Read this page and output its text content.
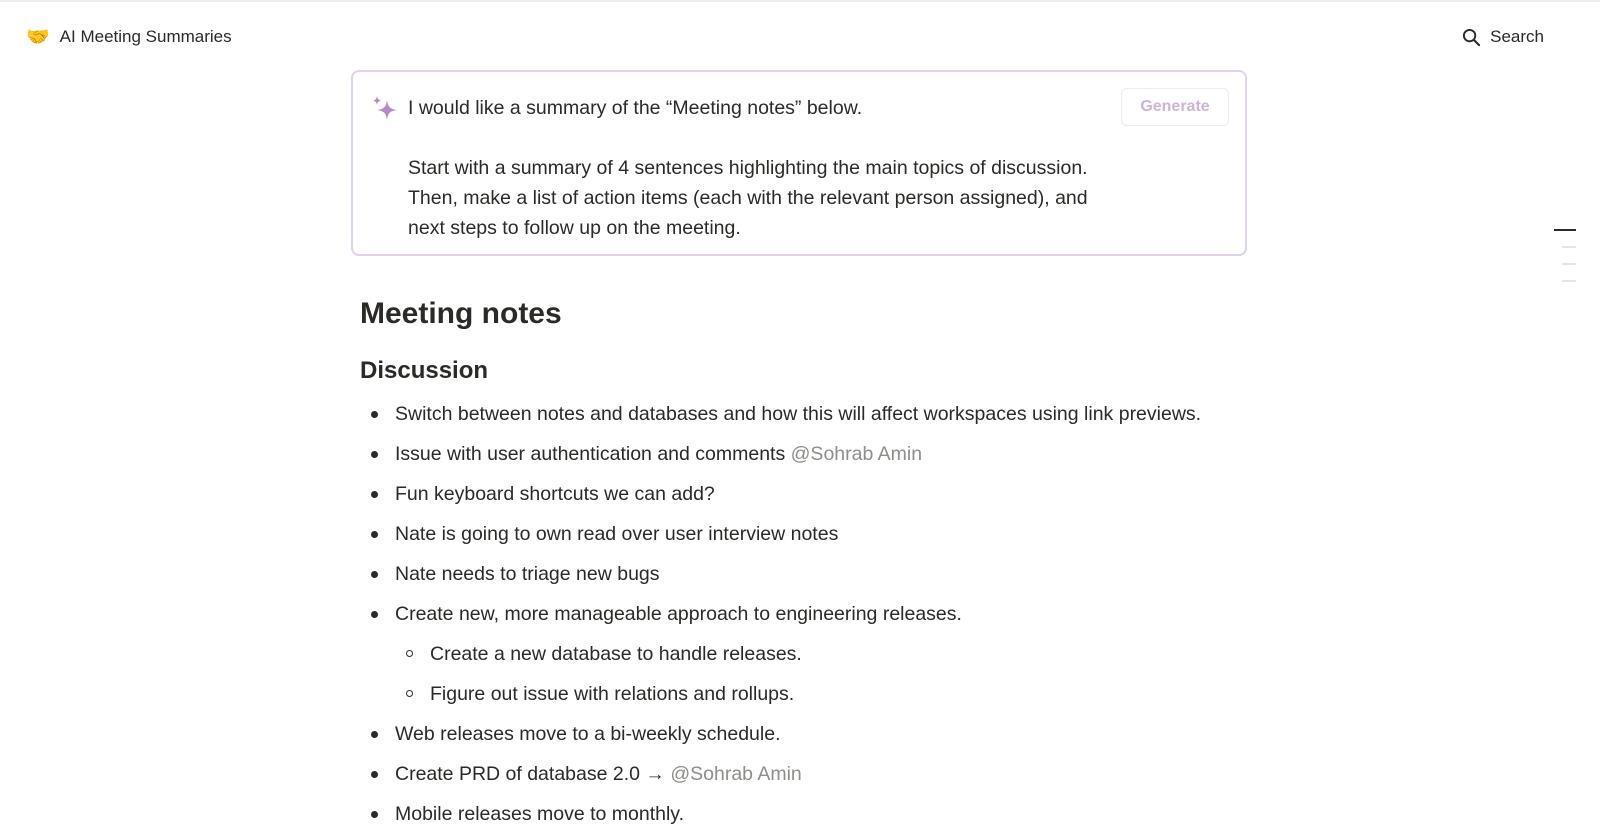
🤝 AI Meeting Summaries	Search

I would like a summary of the “Meeting notes” below.

Start with a summary of 4 sentences highlighting the main topics of discussion. Then, make a list of action items (each with the relevant person assigned), and next steps to follow up on the meeting.

Generate
Meeting notes
Discussion
Switch between notes and databases and how this will affect workspaces using link previews.
Issue with user authentication and comments @Sohrab Amin
Fun keyboard shortcuts we can add?
Nate is going to own read over user interview notes
Nate needs to triage new bugs
Create new, more manageable approach to engineering releases.
Create a new database to handle releases.
Figure out issue with relations and rollups.
Web releases move to a bi-weekly schedule.
Create PRD of database 2.0 → @Sohrab Amin
Mobile releases move to monthly.
